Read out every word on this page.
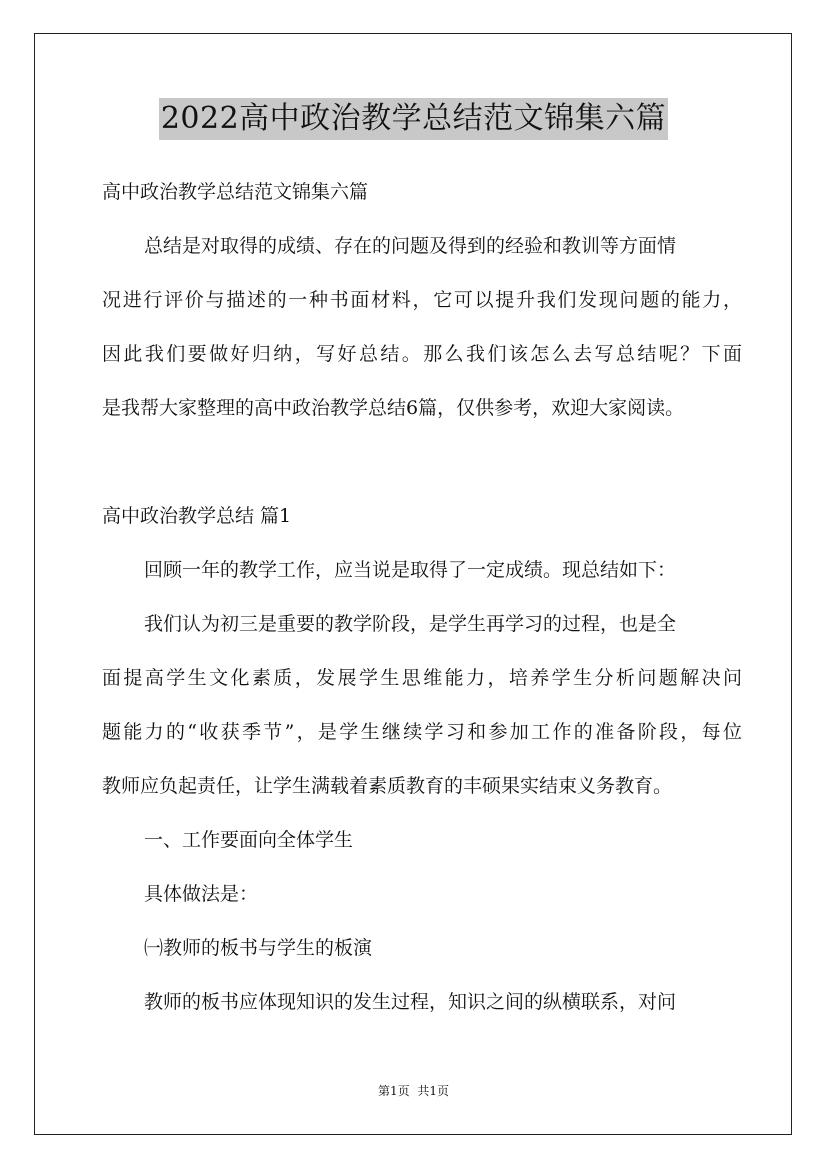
2022高中政治教学总结范文锦集六篇
高中政治教学总结范文锦集六篇
总结是对取得的成绩、存在的问题及得到的经验和教训等方面情
况进行评价与描述的一种书面材料，它可以提升我们发现问题的能力，
因此我们要做好归纳，写好总结。那么我们该怎么去写总结呢？下面
是我帮大家整理的高中政治教学总结6篇，仅供参考，欢迎大家阅读。
高中政治教学总结 篇1
回顾一年的教学工作，应当说是取得了一定成绩。现总结如下：
我们认为初三是重要的教学阶段，是学生再学习的过程，也是全
面提高学生文化素质，发展学生思维能力，培养学生分析问题解决问
题能力的“收获季节”，是学生继续学习和参加工作的准备阶段，每位
教师应负起责任，让学生满载着素质教育的丰硕果实结束义务教育。
一、工作要面向全体学生
具体做法是：
㈠教师的板书与学生的板演
教师的板书应体现知识的发生过程，知识之间的纵横联系，对问
第1页 共1页
